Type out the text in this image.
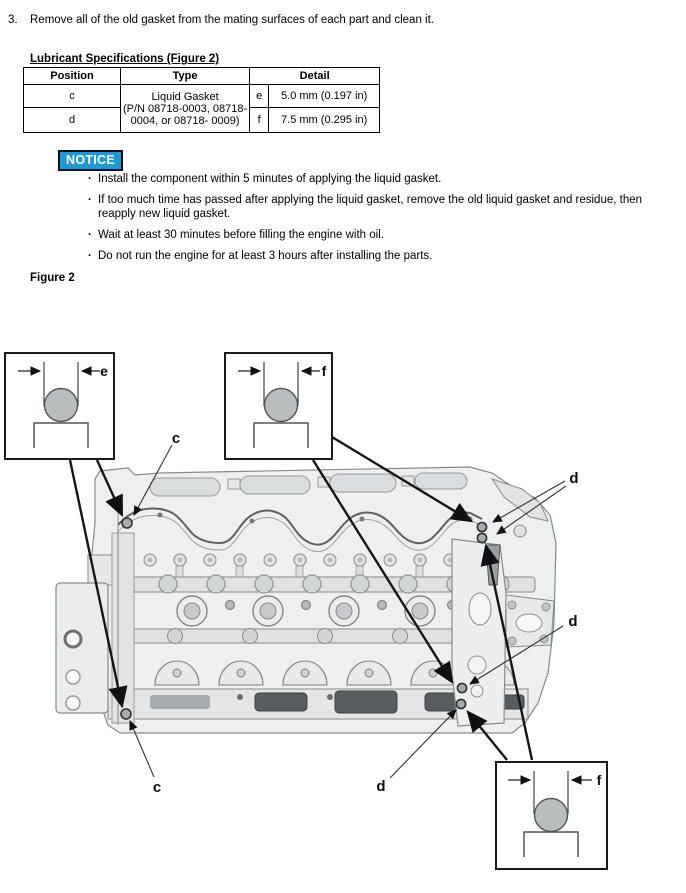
3.	Remove all of the old gasket from the mating surfaces of each part and clean it.
Lubricant Specifications (Figure 2)
Position	Type	Detail	
c	Liquid Gasket
(P/N 08718-0003, 08718-
0004, or 08718- 0009)	e	5.0 mm (0.197 in)
d		f	7.5 mm (0.295 in)
NOTICE
· Install the component within 5 minutes of applying the liquid gasket.
· If too much time has passed after applying the liquid gasket, remove the old liquid gasket and residue, then reapply new liquid gasket.
· Wait at least 30 minutes before filling the engine with oil.
· Do not run the engine for at least 3 hours after installing the parts.
Figure 2
e	f
f
c
c
d
d
d
